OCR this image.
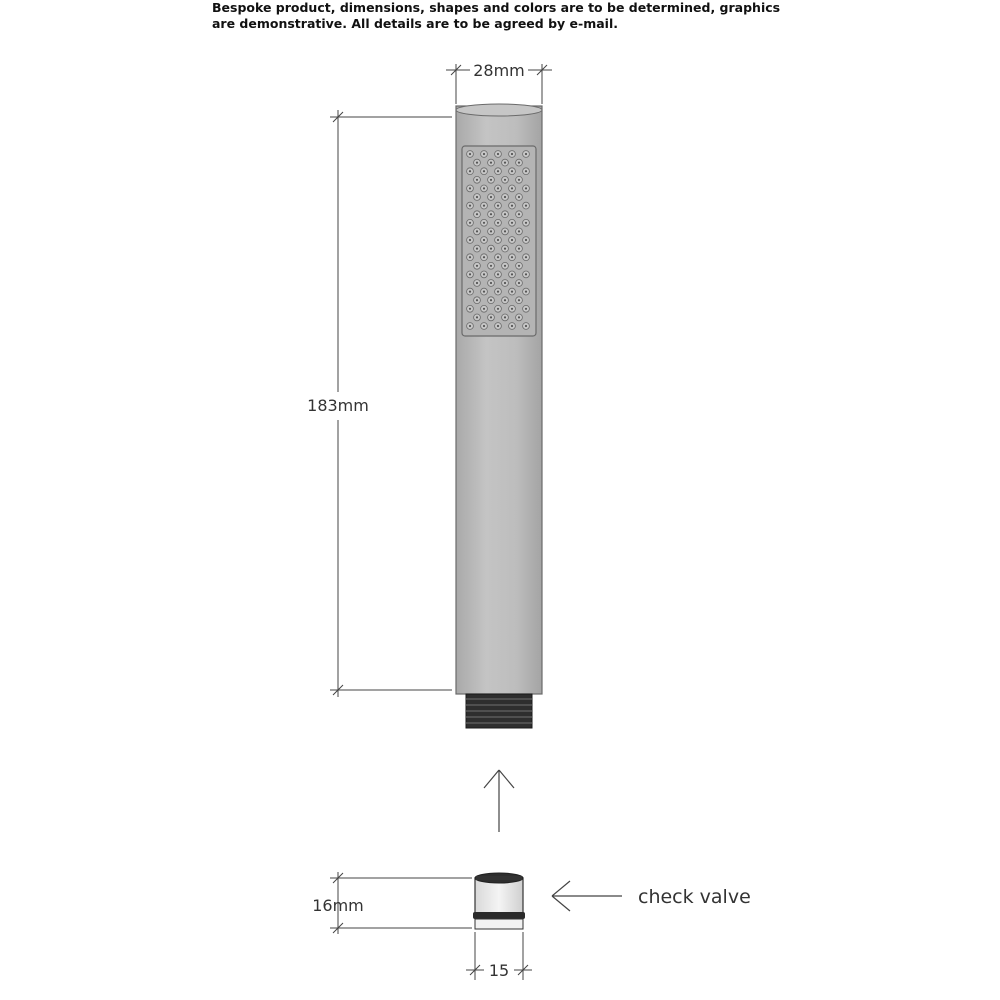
Bespoke product, dimensions, shapes and colors are to be determined, graphics
are demonstrative. All details are to be agreed by e-mail.
28mm
183mm
16mm
15
check valve
